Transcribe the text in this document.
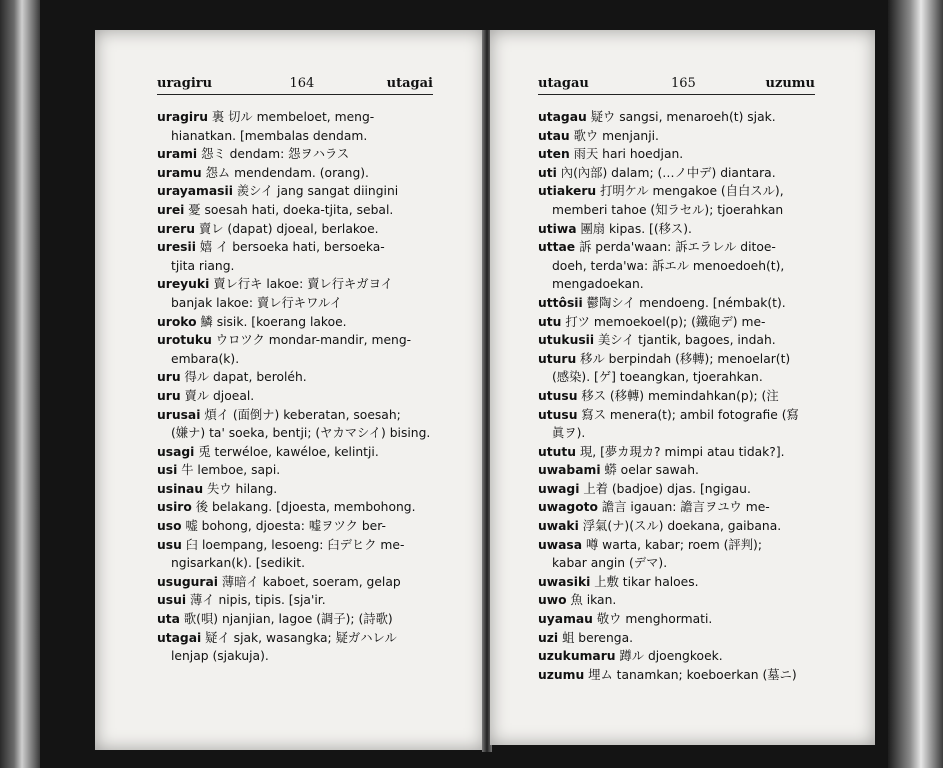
uragiru	164	utagai
uragiru 裏 切ル membeloet, meng-
hianatkan. [membalas dendam.
urami 怨ミ dendam: 怨ヲハラス
uramu 怨ム mendendam. (orang).
urayamasii 羨シイ jang sangat diingini
urei 憂 soesah hati, doeka-tjita, sebal.
ureru 賣レ (dapat) djoeal, berlakoe.
uresii 嬉 イ bersoeka hati, bersoeka-
tjita riang.
ureyuki 賣レ行キ lakoe: 賣レ行キガヨイ
banjak lakoe: 賣レ行キワルイ
uroko 鱗 sisik. [koerang lakoe.
urotuku ウロツク mondar-mandir, meng-
embara(k).
uru 得ル dapat, beroléh.
uru 賣ル djoeal.
urusai 煩イ (面倒ナ) keberatan, soesah;
(嫌ナ) ta' soeka, bentji; (ヤカマシイ) bising.
usagi 兎 terwéloe, kawéloe, kelintji.
usi 牛 lemboe, sapi.
usinau 失ウ hilang.
usiro 後 belakang. [djoesta, membohong.
uso 嘘 bohong, djoesta: 嘘ヲツク ber-
usu 臼 loempang, lesoeng: 臼デヒク me-
ngisarkan(k). [sedikit.
usugurai 薄暗イ kaboet, soeram, gelap
usui 薄イ nipis, tipis. [sja'ir.
uta 歌(唄) njanjian, lagoe (調子); (詩歌)
utagai 疑イ sjak, wasangka; 疑ガハレル
lenjap (sjakuja).
utagau	165	uzumu
utagau 疑ウ sangsi, menaroeh(t) sjak.
utau 歌ウ menjanji.
uten 雨天 hari hoedjan.
uti 內(內部) dalam; (…ノ中デ) diantara.
utiakeru 打明ケル mengakoe (自白スル),
memberi tahoe (知ラセル); tjoerahkan
utiwa 團扇 kipas. [(移ス).
uttae 訴 perda'waan: 訴エラレル ditoe-
doeh, terda'wa: 訴エル menoedoeh(t), mengadoekan.
uttôsii 鬱陶シイ mendoeng. [némbak(t).
utu 打ツ memoekoel(p); (鐵砲デ) me-
utukusii 美シイ tjantik, bagoes, indah.
uturu 移ル berpindah (移轉); menoelar(t)
(感染). [ゲ] toeangkan, tjoerahkan.
utusu 移ス (移轉) memindahkan(p); (注
utusu 寫ス menera(t); ambil fotografie (寫
眞ヲ).
ututu 現, [夢カ現カ? mimpi atau tidak?].
uwabami 蟒 oelar sawah.
uwagi 上着 (badjoe) djas. [ngigau.
uwagoto 譫言 igauan: 譫言ヲユウ me-
uwaki 浮氣(ナ)(スル) doekana, gaibana.
uwasa 噂 warta, kabar; roem (評判);
kabar angin (デマ).
uwasiki 上敷 tikar haloes.
uwo 魚 ikan.
uyamau 敬ウ menghormati.
uzi 蛆 berenga.
uzukumaru 蹲ル djoengkoek.
uzumu 埋ム tanamkan; koeboerkan (墓ニ)
